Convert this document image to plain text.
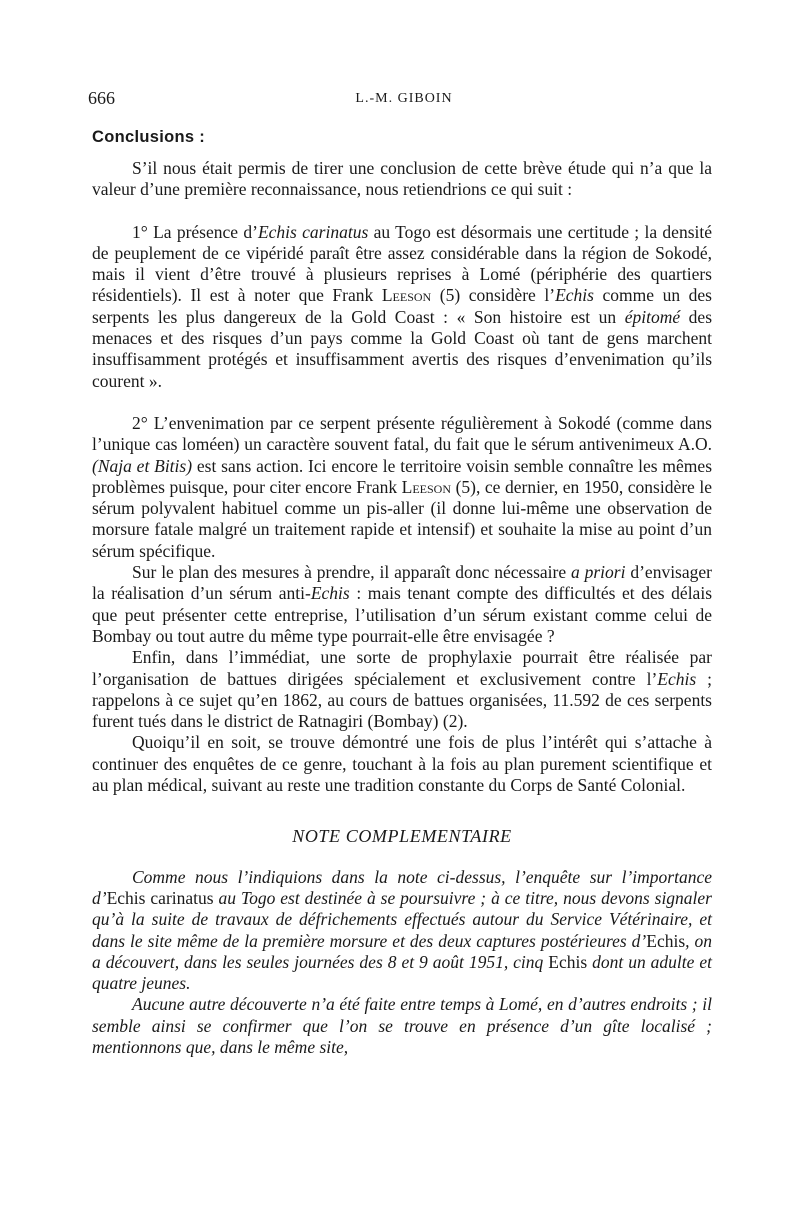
666	L.-M. GIBOIN
Conclusions :

S’il nous était permis de tirer une conclusion de cette brève étude qui n’a que la valeur d’une première reconnaissance, nous retiendrions ce qui suit :

1° La présence d’Echis carinatus au Togo est désormais une certitude ; la densité de peuplement de ce vipéridé paraît être assez considérable dans la région de Sokodé, mais il vient d’être trouvé à plusieurs reprises à Lomé (périphérie des quartiers résidentiels). Il est à noter que Frank Leeson (5) considère l’Echis comme un des serpents les plus dangereux de la Gold Coast : « Son histoire est un épitomé des menaces et des risques d’un pays comme la Gold Coast où tant de gens marchent insuffisamment protégés et insuffisamment avertis des risques d’envenimation qu’ils courent ».

2° L’envenimation par ce serpent présente régulièrement à Sokodé (comme dans l’unique cas loméen) un caractère souvent fatal, du fait que le sérum antivenimeux A.O. (Naja et Bitis) est sans action. Ici encore le territoire voisin semble connaître les mêmes problèmes puisque, pour citer encore Frank Leeson (5), ce dernier, en 1950, considère le sérum polyvalent habituel comme un pis-aller (il donne lui-même une observation de morsure fatale malgré un traitement rapide et intensif) et souhaite la mise au point d’un sérum spécifique.

Sur le plan des mesures à prendre, il apparaît donc nécessaire a priori d’envisager la réalisation d’un sérum anti-Echis : mais tenant compte des difficultés et des délais que peut présenter cette entreprise, l’utilisation d’un sérum existant comme celui de Bombay ou tout autre du même type pourrait-elle être envisagée ?

Enfin, dans l’immédiat, une sorte de prophylaxie pourrait être réalisée par l’organisation de battues dirigées spécialement et exclusivement contre l’Echis ; rappelons à ce sujet qu’en 1862, au cours de battues organisées, 11.592 de ces serpents furent tués dans le district de Ratnagiri (Bombay) (2).

Quoiqu’il en soit, se trouve démontré une fois de plus l’intérêt qui s’attache à continuer des enquêtes de ce genre, touchant à la fois au plan purement scientifique et au plan médical, suivant au reste une tradition constante du Corps de Santé Colonial.

NOTE COMPLEMENTAIRE

Comme nous l’indiquions dans la note ci-dessus, l’enquête sur l’importance d’Echis carinatus au Togo est destinée à se poursuivre ; à ce titre, nous devons signaler qu’à la suite de travaux de défrichements effectués autour du Service Vétérinaire, et dans le site même de la première morsure et des deux captures postérieures d’Echis, on a découvert, dans les seules journées des 8 et 9 août 1951, cinq Echis dont un adulte et quatre jeunes.

Aucune autre découverte n’a été faite entre temps à Lomé, en d’autres endroits ; il semble ainsi se confirmer que l’on se trouve en présence d’un gîte localisé ; mentionnons que, dans le même site,
